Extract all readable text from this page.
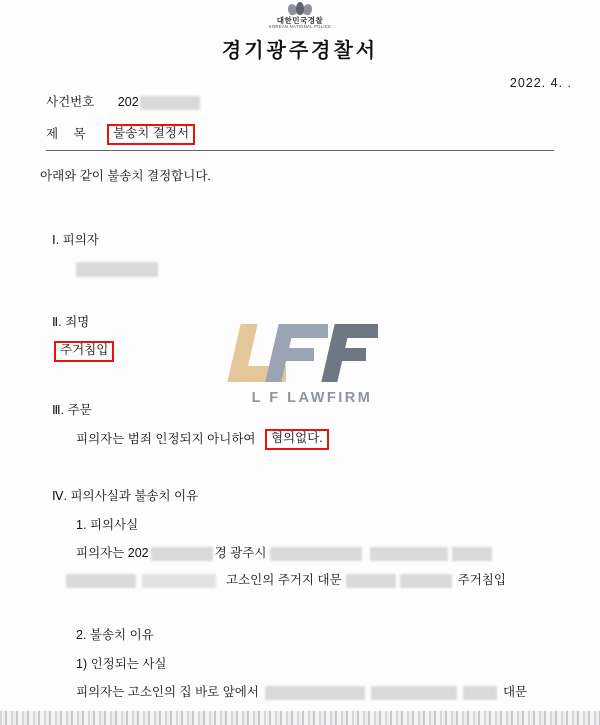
대한민국경찰
KOREAN NATIONAL POLICE
경기광주경찰서
2022. 4. .
사건번호 202
제 목 불송치 결정서
아래와 같이 불송치 결정합니다.
Ⅰ. 피의자
Ⅱ. 죄명
주거침입
L F LAWFIRM
Ⅲ. 주문
피의자는 범죄 인정되지 아니하여 혐의없다.
Ⅳ. 피의사실과 불송치 이유
1. 피의사실
피의자는 202	경 광주시
고소인의 주거지 대문	주거침입
2. 불송치 이유
1) 인정되는 사실
피의자는 고소인의 집 바로 앞에서	대문
